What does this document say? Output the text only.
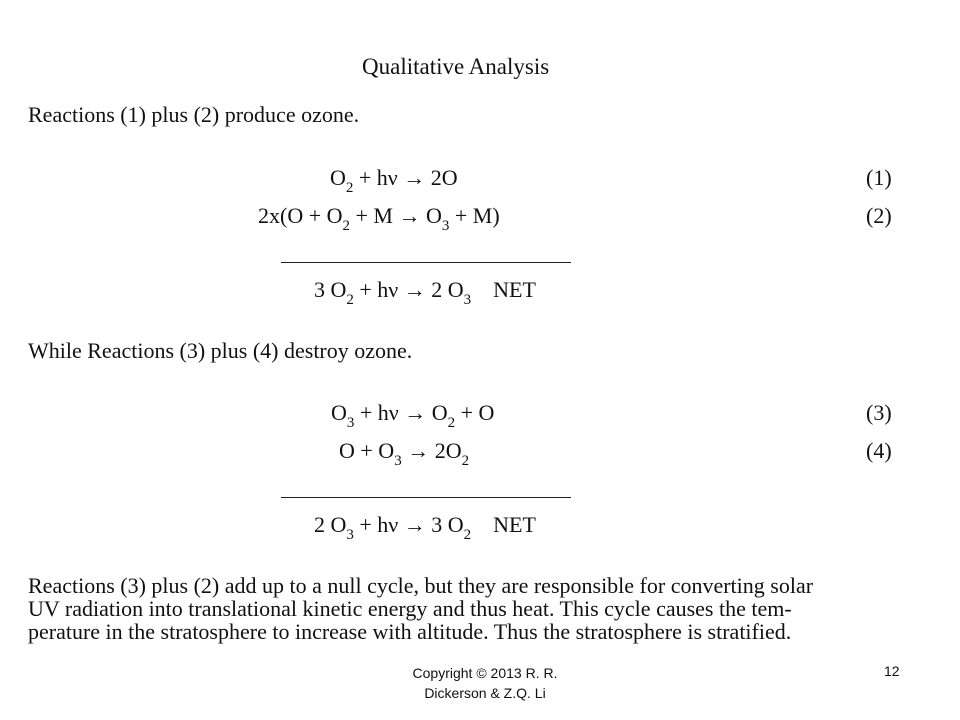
Qualitative Analysis
Reactions (1) plus (2) produce ozone.
$O_2 + h\nu \to 2O$	(1)
$2x(O + O_2 + M \to O_3 + M)$	(2)
3 $O_2 + h\nu \to 2$ $O_3$    NET
While Reactions (3) plus (4) destroy ozone.
$O_3 + h\nu \to O_2 + O$	(3)
$O + O_3 \to 2O_2$	(4)
2 $O_3 + h\nu \to 3$ $O_2$    NET
Reactions (3) plus (2) add up to a null cycle, but they are responsible for converting solar
UV radiation into translational kinetic energy and thus heat. This cycle causes the tem-
perature in the stratosphere to increase with altitude. Thus the stratosphere is stratified.
Copyright © 2013 R. R.
Dickerson & Z.Q. Li
12
